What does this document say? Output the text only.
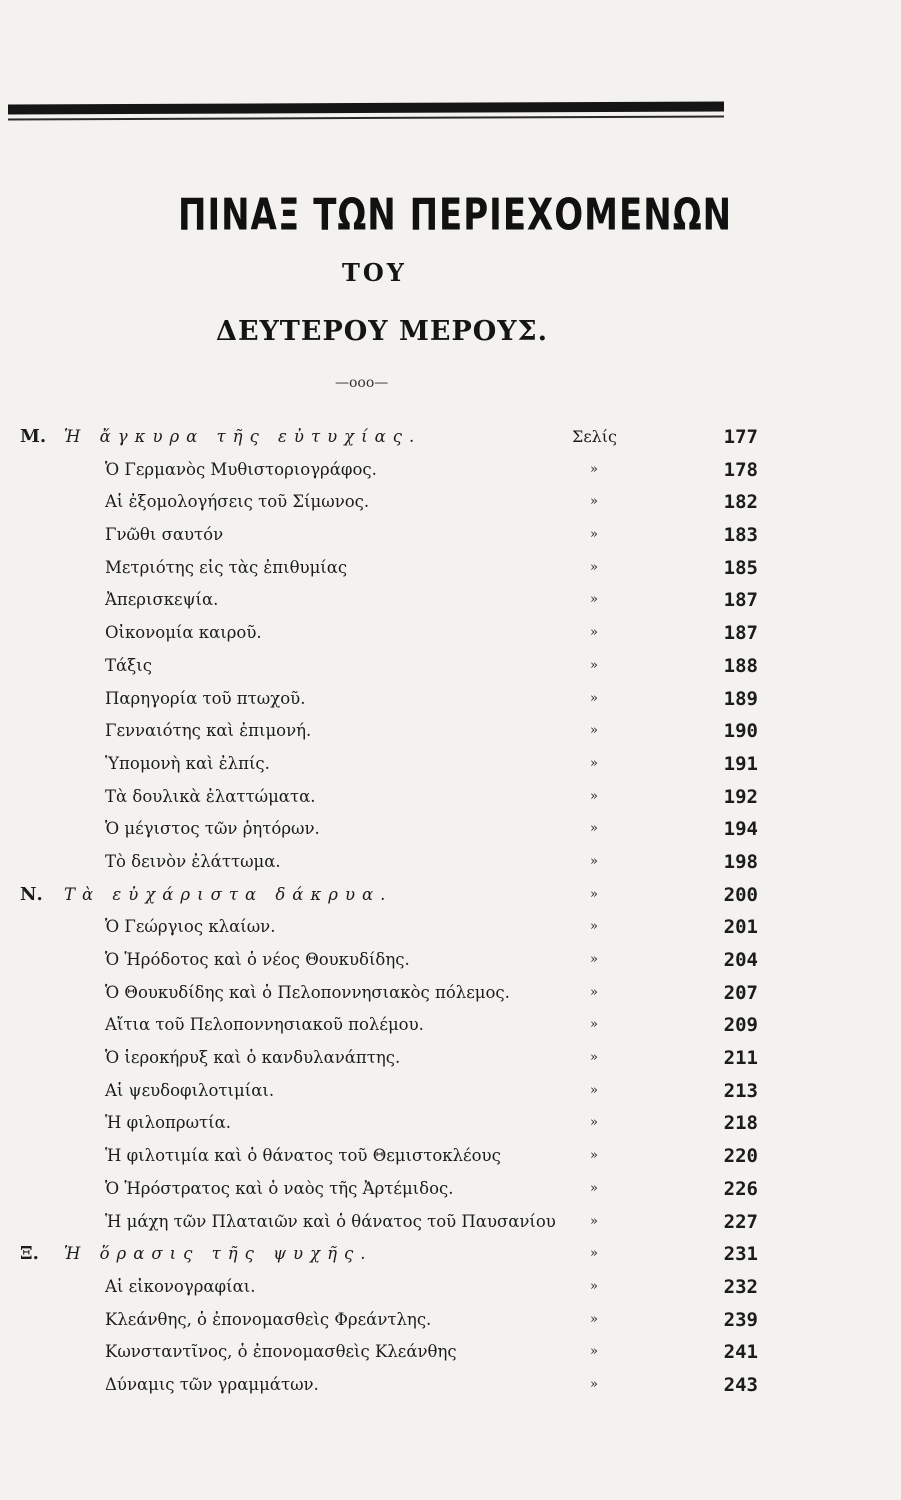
ΠΙΝΑΞ ΤΩΝ ΠΕΡΙΕΧΟΜΕΝΩΝ
ΤΟΥ
ΔΕΥΤΕΡΟΥ ΜΕΡΟΥΣ.
—οοο—
Μ. Ἡ ἄγκυρα τῆς εὐτυχίας.	Σελίς	177
Ὁ Γερμανὸς Μυθιστοριογράφος.	»	178
Αἱ ἐξομολογήσεις τοῦ Σίμωνος.	»	182
Γνῶθι σαυτόν	»	183
Μετριότης εἰς τὰς ἐπιθυμίας	»	185
Ἀπερισκεψία.	»	187
Οἰκονομία καιροῦ.	»	187
Τάξις	»	188
Παρηγορία τοῦ πτωχοῦ.	»	189
Γενναιότης καὶ ἐπιμονή.	»	190
Ὑπομονὴ καὶ ἐλπίς.	»	191
Τὰ δουλικὰ ἐλαττώματα.	»	192
Ὁ μέγιστος τῶν ῥητόρων.	»	194
Τὸ δεινὸν ἐλάττωμα.	»	198
Ν. Τὰ εὐχάριστα δάκρυα.	»	200
Ὁ Γεώργιος κλαίων.	»	201
Ὁ Ἡρόδοτος καὶ ὁ νέος Θουκυδίδης.	»	204
Ὁ Θουκυδίδης καὶ ὁ Πελοποννησιακὸς πόλεμος.	»	207
Αἴτια τοῦ Πελοποννησιακοῦ πολέμου.	»	209
Ὁ ἱεροκήρυξ καὶ ὁ κανδυλανάπτης.	»	211
Αἱ ψευδοφιλοτιμίαι.	»	213
Ἡ φιλοπρωτία.	»	218
Ἡ φιλοτιμία καὶ ὁ θάνατος τοῦ Θεμιστοκλέους	»	220
Ὁ Ἡρόστρατος καὶ ὁ ναὸς τῆς Ἀρτέμιδος.	»	226
Ἡ μάχη τῶν Πλαταιῶν καὶ ὁ θάνατος τοῦ Παυσανίου	»	227
Ξ. Ἡ ὅρασις τῆς ψυχῆς.	»	231
Αἱ εἰκονογραφίαι.	»	232
Κλεάνθης, ὁ ἐπονομασθεὶς Φρεάντλης.	»	239
Κωνσταντῖνος, ὁ ἐπονομασθεὶς Κλεάνθης	»	241
Δύναμις τῶν γραμμάτων.	»	243
